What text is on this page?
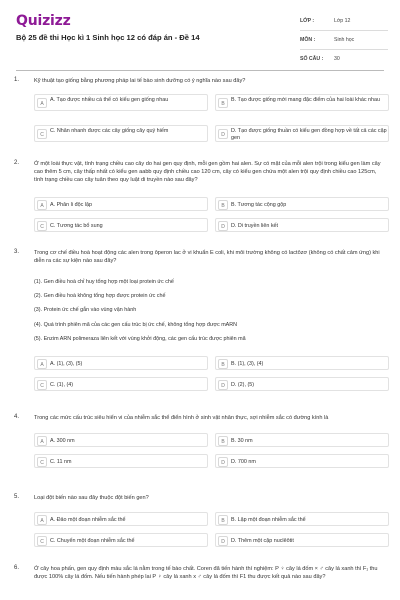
Quizizz
Bộ 25 đề thi Học kì 1 Sinh học 12 có đáp án - Đề 14
LỚP :	Lớp 12
MÔN :	Sinh học
SỐ CÂU :	30
1.	Kỹ thuật tạo giống bằng phương pháp lai tế bào sinh dưỡng có ý nghĩa nào sau đây?
A
A. Tạo được nhiều cá thể có kiểu gen giống nhau
B
B. Tạo được giống mới mang đặc điểm của hai loài khác nhau
C
C. Nhân nhanh được các cây giống cây quý hiếm
D
D. Tạo được giống thuần có kiểu gen đồng hợp về tất cả các cặp gen
2.	Ở một loài thực vật, tính trạng chiều cao cây do hai gen quy định, mỗi gen gồm hai alen. Sự có mặt của mỗi alen trội trong kiểu gen làm cây cao thêm 5 cm, cây thấp nhất có kiểu gen aabb quy định chiều cao 120 cm, cây có kiểu gen chứa một alen trội quy định chiều cao 125cm, tính trạng chiều cao cây tuân theo quy luật di truyền nào sau đây?
A	A. Phân li độc lập	B	B. Tương tác cộng gộp
C	C. Tương tác bổ sung	D	D. Di truyền liên kết
3.	Trong cơ chế điều hoà hoạt động các alen trong ôperon lac ở vi khuẩn E coli, khi môi trường không có lactôzơ (không có chất cảm ứng) khi diễn ra các sự kiện nào sau đây?
(1). Gen điều hoà chỉ huy tổng hợp một loại protein ức chế
(2). Gen điều hoà không tổng hợp được protein ức chế
(3). Protein ức chế gắn vào vùng vận hành
(4). Quá trình phiên mã của các gen cấu trúc bị ức chế, không tổng hợp được mARN
(5). Enzim ARN polimeraza liên kết với vùng khởi động, các gen cấu trúc được phiên mã
A	A. (1), (3), (5)	B	B. (1), (3), (4)
C	C. (1), (4)	D	D. (2), (5)
4.	Trong các mức cấu trúc siêu hiển vi của nhiễm sắc thể điển hình ở sinh vật nhân thực, sợi nhiễm sắc có đường kính là
A	A. 300 nm	B	B. 30 nm
C	C. 11 nm	D	D. 700 nm
5.	Loại đột biến nào sau đây thuộc đột biến gen?
A	A. Đảo một đoạn nhiễm sắc thể	B	B. Lặp một đoạn nhiễm sắc thể
C	C. Chuyển một đoạn nhiễm sắc thể	D	D. Thêm một cặp nuclêôtit
6.	Ở cây hoa phấn, gen quy định màu sắc lá nằm trong tế bào chất. Coren đã tiến hành thí nghiệm: P ♀ cây lá đốm × ♂ cây lá xanh thì F₁ thu được 100% cây lá đốm. Nếu tiến hành phép lai P ♀ cây lá xanh x ♂ cây lá đốm thì F1 thu được kết quả nào sau đây?
